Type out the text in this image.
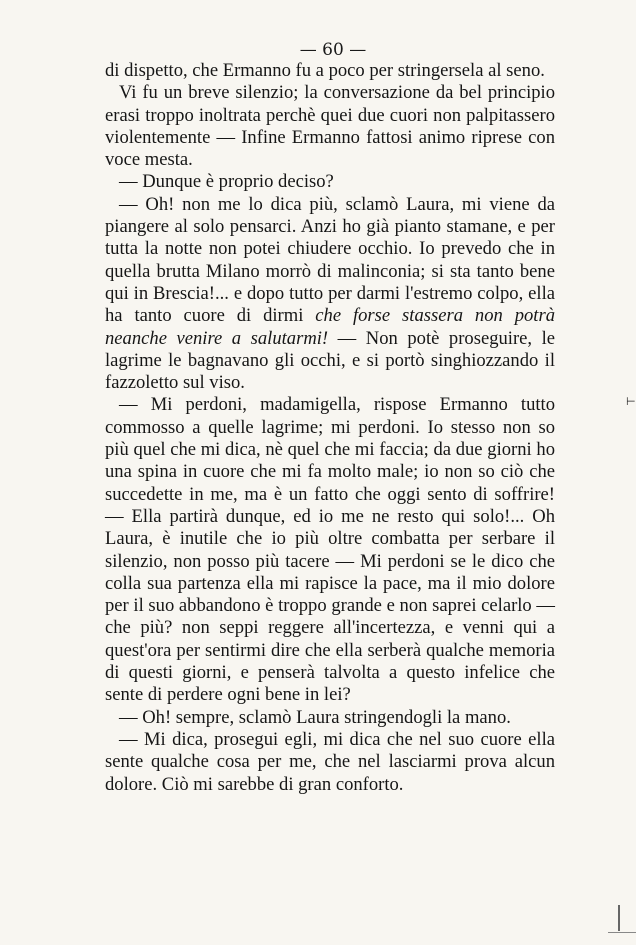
— 60 —

di dispetto, che Ermanno fu a poco per stringersela al seno.

Vi fu un breve silenzio; la conversazione da bel principio erasi troppo inoltrata perchè quei due cuori non palpitassero violentemente — Infine Ermanno fattosi animo riprese con voce mesta.

— Dunque è proprio deciso?

— Oh! non me lo dica più, sclamò Laura, mi viene da piangere al solo pensarci. Anzi ho già pianto stamane, e per tutta la notte non potei chiudere occhio. Io prevedo che in quella brutta Milano morrò di malinconia; si sta tanto bene qui in Brescia!... e dopo tutto per darmi l'estremo colpo, ella ha tanto cuore di dirmi che forse stassera non potrà neanche venire a salutarmi! — Non potè proseguire, le lagrime le bagnavano gli occhi, e si portò singhiozzando il fazzoletto sul viso.

— Mi perdoni, madamigella, rispose Ermanno tutto commosso a quelle lagrime; mi perdoni. Io stesso non so più quel che mi dica, nè quel che mi faccia; da due giorni ho una spina in cuore che mi fa molto male; io non so ciò che succedette in me, ma è un fatto che oggi sento di soffrire! — Ella partirà dunque, ed io me ne resto qui solo!... Oh Laura, è inutile che io più oltre combatta per serbare il silenzio, non posso più tacere — Mi perdoni se le dico che colla sua partenza ella mi rapisce la pace, ma il mio dolore per il suo abbandono è troppo grande e non saprei celarlo — che più? non seppi reggere all'incertezza, e venni qui a quest'ora per sentirmi dire che ella serberà qualche memoria di questi giorni, e penserà talvolta a questo infelice che sente di perdere ogni bene in lei?

— Oh! sempre, sclamò Laura stringendogli la mano.

— Mi dica, prosegui egli, mi dica che nel suo cuore ella sente qualche cosa per me, che nel lasciarmi prova alcun dolore. Ciò mi sarebbe di gran conforto.

⊢
